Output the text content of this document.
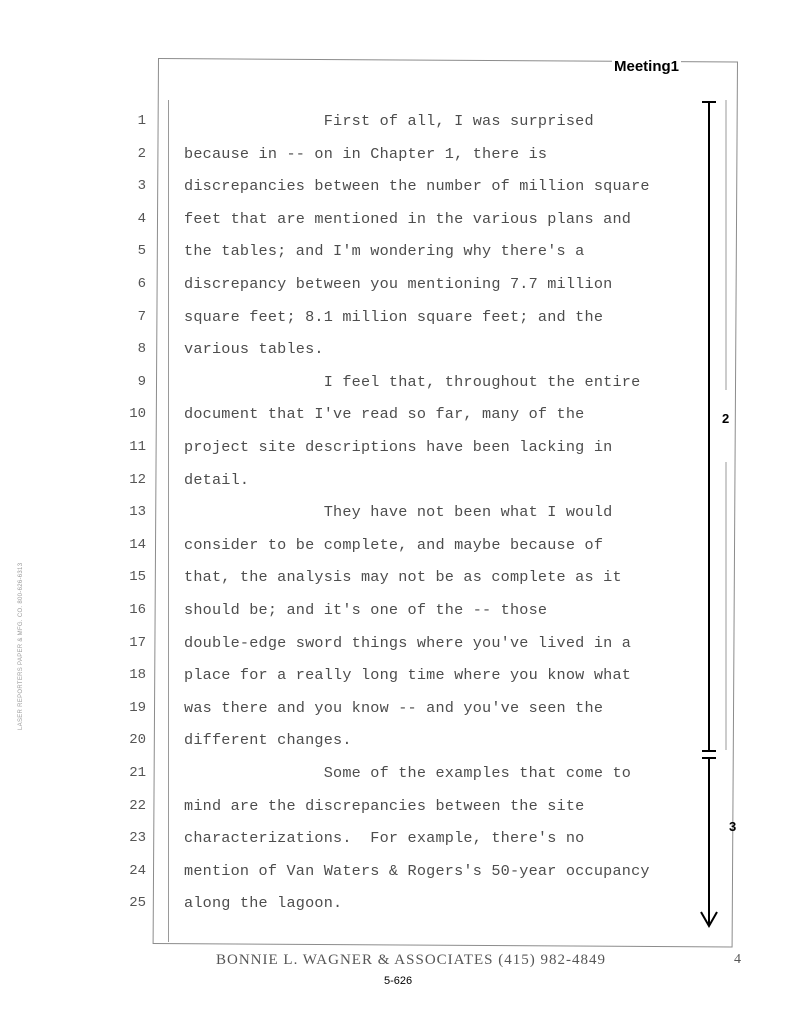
Meeting1
1	First of all, I was surprised
2	because in -- on in Chapter 1, there is
3	discrepancies between the number of million square
4	feet that are mentioned in the various plans and
5	the tables; and I'm wondering why there's a
6	discrepancy between you mentioning 7.7 million
7	square feet; 8.1 million square feet; and the
8	various tables.
9	I feel that, throughout the entire
10	document that I've read so far, many of the
11	project site descriptions have been lacking in
12	detail.
13	They have not been what I would
14	consider to be complete, and maybe because of
15	that, the analysis may not be as complete as it
16	should be; and it's one of the -- those
17	double-edge sword things where you've lived in a
18	place for a really long time where you know what
19	was there and you know -- and you've seen the
20	different changes.
21	Some of the examples that come to
22	mind are the discrepancies between the site
23	characterizations.  For example, there's no
24	mention of Van Waters & Rogers's 50-year occupancy
25	along the lagoon.
2
3
BONNIE L. WAGNER & ASSOCIATES (415) 982-4849	4
5-626
LASER REPORTERS PAPER & MFG. CO. 800-626-6313
